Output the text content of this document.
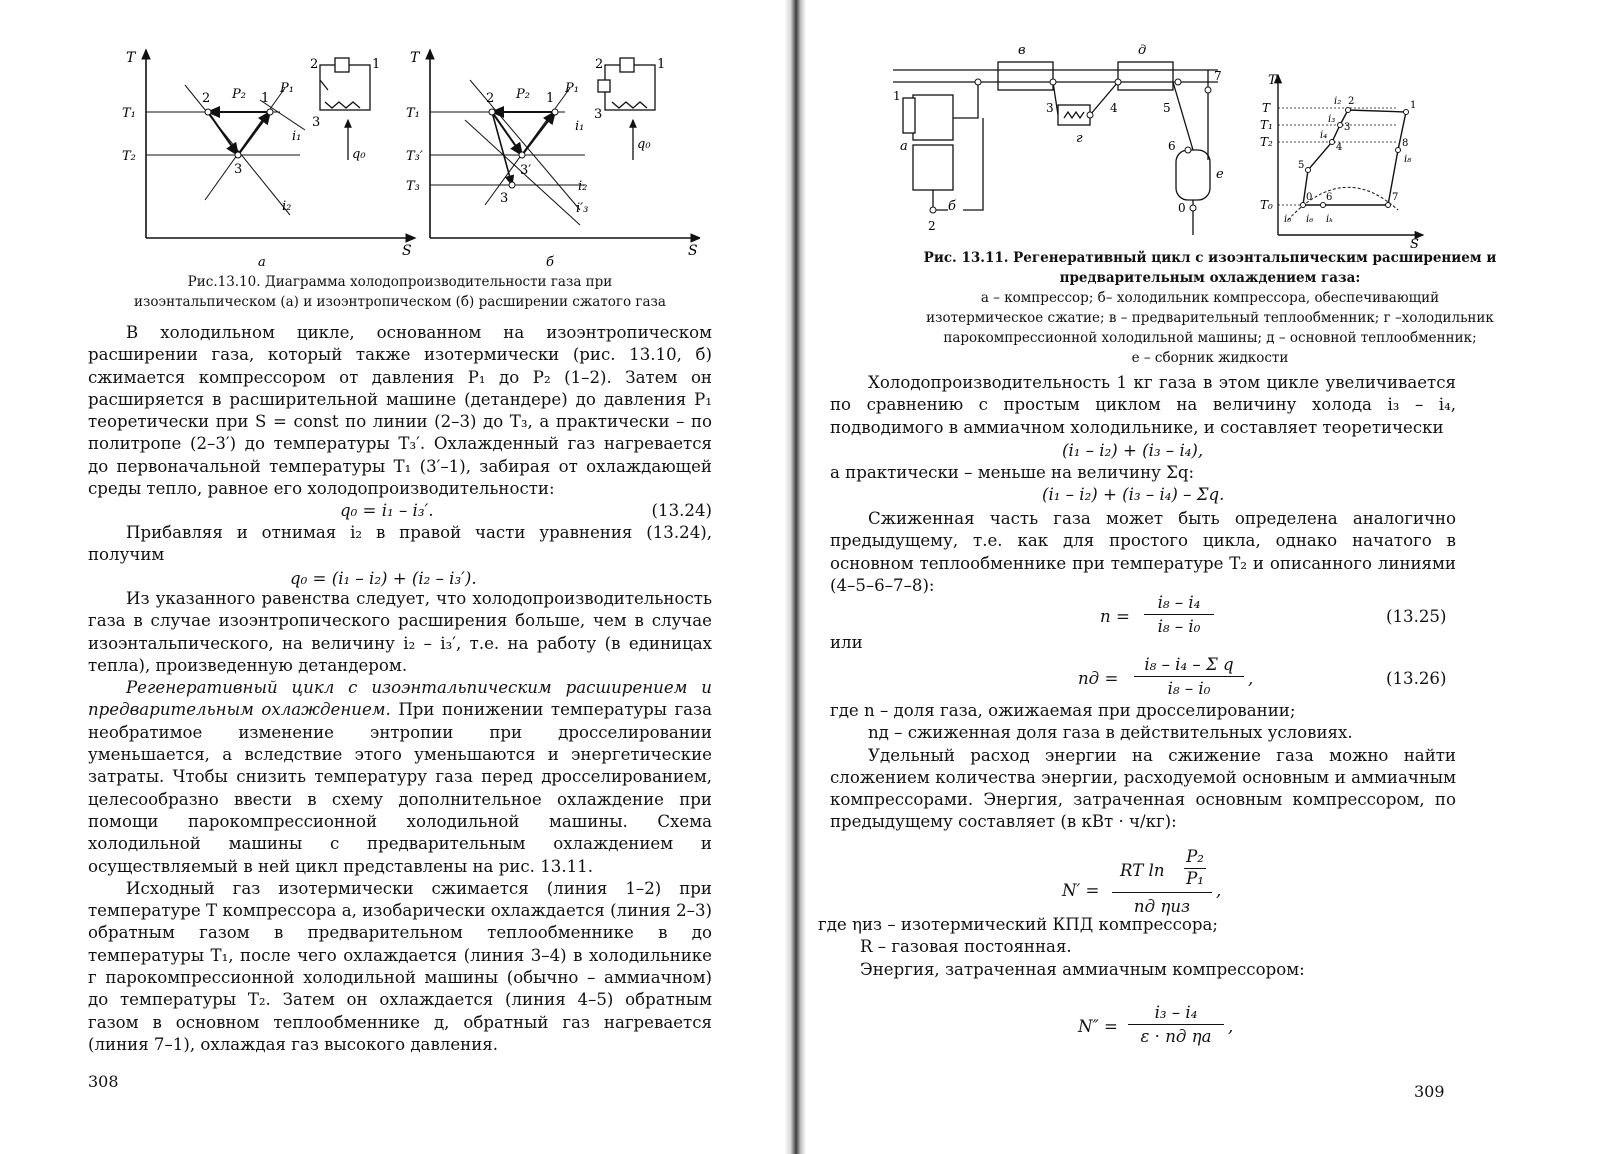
T
S
T₁
T₂
2	1
3
P₂	P₁
i₁
i₂
2	1
3
q₀
а
T
S
T₁
T₃′
T₃
2	1
3
3′
P₂	P₁
i₁
i₂
i′₃
2	1
3
q₀
б
Рис.13.10. Диаграмма холодопроизводительности газа при
изоэнтальпическом (а) и изоэнтропическом (б) расширении сжатого газа

В холодильном цикле, основанном на изоэнтропическом расширении газа, который также изотермически (рис. 13.10, б) сжимается компрессором от давления P₁ до P₂ (1–2). Затем он расширяется в расширительной машине (детандере) до давления P₁ теоретически при S = const по линии (2–3) до T₃, а практически – по политропе (2–3′) до температуры T₃′. Охлажденный газ нагревается до первоначальной температуры T₁ (3′–1), забирая от охлаждающей среды тепло, равное его холодопроизводительности:

q₀ = i₁ – i₃′.	(13.24)

Прибавляя и отнимая i₂ в правой части уравнения (13.24), получим

q₀ = (i₁ – i₂) + (i₂ – i₃′).

Из указанного равенства следует, что холодопроизводительность газа в случае изоэнтропического расширения больше, чем в случае изоэнтальпического, на величину i₂ – i₃′, т.е. на работу (в единицах тепла), произведенную детандером.

Регенеративный цикл с изоэнтальпическим расширением и предварительным охлаждением. При понижении температуры газа необратимое изменение энтропии при дросселировании уменьшается, а вследствие этого уменьшаются и энергетические затраты. Чтобы снизить температуру газа перед дросселированием, целесообразно ввести в схему дополнительное охлаждение при помощи парокомпрессионной холодильной машины. Схема холодильной машины с предварительным охлаждением и осуществляемый в ней цикл представлены на рис. 13.11.

Исходный газ изотермически сжимается (линия 1–2) при температуре T компрессора а, изобарически охлаждается (линия 2–3) обратным газом в предварительном теплообменнике в до температуры T₁, после чего охлаждается (линия 3–4) в холодильнике г парокомпрессионной холодильной машины (обычно – аммиачном) до температуры T₂. Затем он охлаждается (линия 4–5) обратным газом в основном теплообменнике д, обратный газ нагревается (линия 7–1), охлаждая газ высокого давления.

308
1
а
б
2
в
3
г
4
д
5
6
7
е
0
T
S
T
T₁
T₂
T₀
i₂ 2	1
i₃
3
i₄
4
5
8
i₈
0 6	7
i₀ i₆ iₖ
Рис. 13.11. Регенеративный цикл с изоэнтальпическим расширением и
предварительным охлаждением газа:
а – компрессор; б– холодильник компрессора, обеспечивающий
изотермическое сжатие; в – предварительный теплообменник; г –холодильник
парокомпрессионной холодильной машины; д – основной теплообменник;
е – сборник жидкости

Холодопроизводительность 1 кг газа в этом цикле увеличивается по сравнению с простым циклом на величину холода i₃ – i₄, подводимого в аммиачном холодильнике, и составляет теоретически

(i₁ – i₂) + (i₃ – i₄),

а практически – меньше на величину Σq:

(i₁ – i₂) + (i₃ – i₄) – Σq.

Сжиженная часть газа может быть определена аналогично предыдущему, т.е. как для простого цикла, однако начатого в основном теплообменнике при температуре T₂ и описанного линиями (4–5–6–7–8):

n =
i₈ – i₄
i₈ – i₀
(13.25)
или
nд =
i₈ – i₄ – Σ q
i₈ – i₀
,	(13.26)

где n – доля газа, ожижаемая при дросселировании;

nд – сжиженная доля газа в действительных условиях.

Удельный расход энергии на сжижение газа можно найти сложением количества энергии, расходуемой основным и аммиачным компрессорами. Энергия, затраченная основным компрессором, по предыдущему составляет (в кВт · ч/кг):

N′ =
RT ln
P₂
P₁
nд ηиз
,

где ηиз – изотермический КПД компрессора;

R – газовая постоянная.

Энергия, затраченная аммиачным компрессором:

N″ =
i₃ – i₄
ε · nд ηа
,
309
